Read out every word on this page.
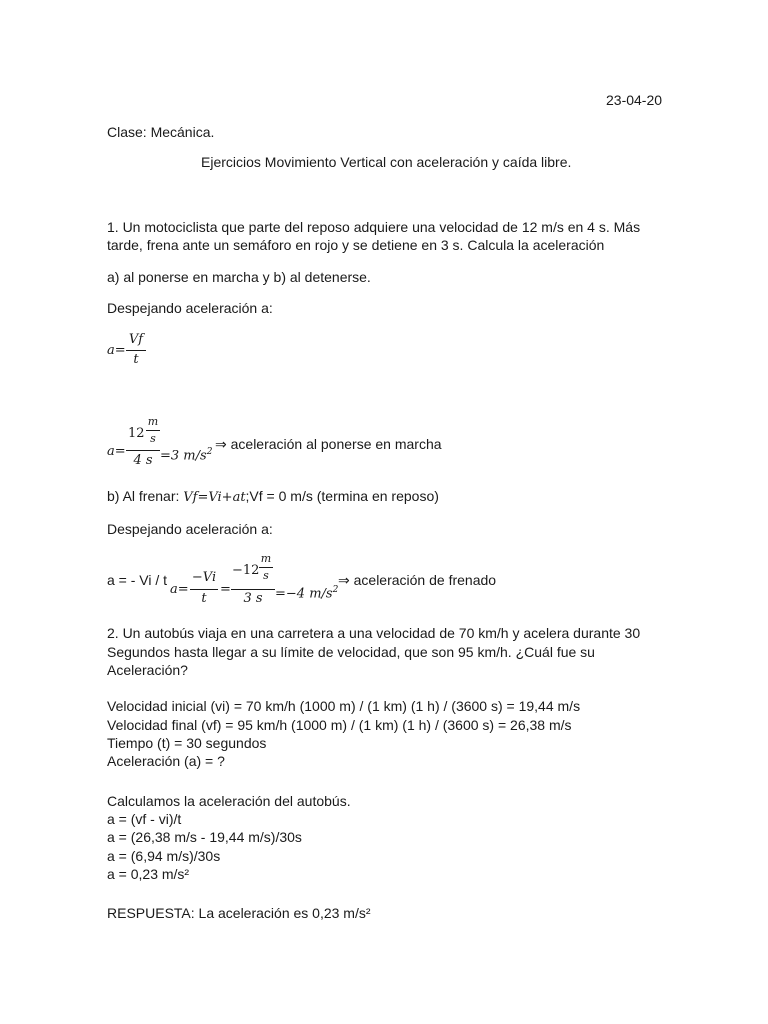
23-04-20
Clase: Mecánica.
Ejercicios Movimiento Vertical con aceleración y caída libre.
1. Un motociclista que parte del reposo adquiere una velocidad de 12 m/s en 4 s. Más
tarde, frena ante un semáforo en rojo y se detiene en 3 s. Calcula la aceleración
a) al ponerse en marcha y b) al detenerse.
Despejando aceleración a:
a=
Vf
t
a=
12
m
s
4 s =3 $m/s^2$ ⇒ aceleración al ponerse en marcha
b) Al frenar: Vf=Vi+at;Vf = 0 m/s (termina en reposo)
Despejando aceleración a:
a = - Vi / t
a=
−Vi
t
=
−12
m
s
3 s =−4 $m/s^2$
⇒ aceleración de frenado
2. Un autobús viaja en una carretera a una velocidad de 70 km/h y acelera durante 30
Segundos hasta llegar a su límite de velocidad, que son 95 km/h. ¿Cuál fue su
Aceleración?
Velocidad inicial (vi) = 70 km/h (1000 m) / (1 km) (1 h) / (3600 s) = 19,44 m/s
Velocidad final (vf) = 95 km/h (1000 m) / (1 km) (1 h) / (3600 s) = 26,38 m/s
Tiempo (t) = 30 segundos
Aceleración (a) = ?
Calculamos la aceleración del autobús.
a = (vf - vi)/t
a = (26,38 m/s - 19,44 m/s)/30s
a = (6,94 m/s)/30s
a = 0,23 m/s²
RESPUESTA: La aceleración es 0,23 m/s²
